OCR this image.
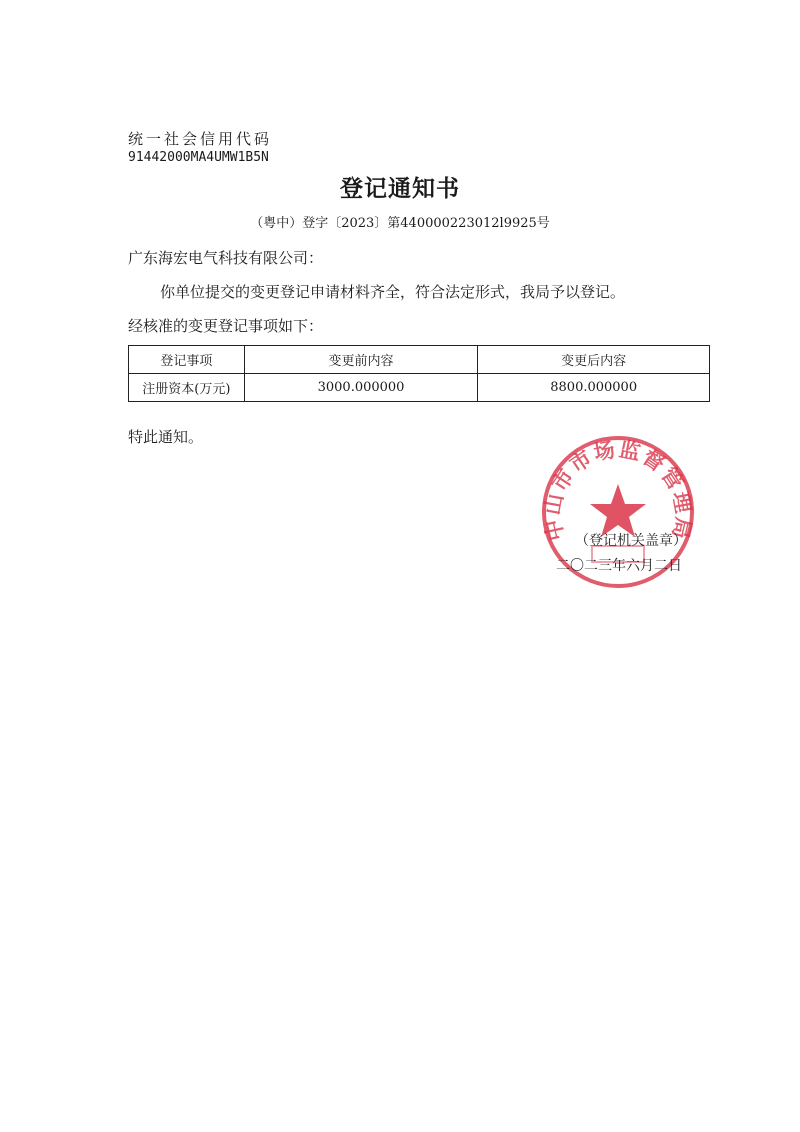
统一社会信用代码
91442000MA4UMW1B5N
登记通知书
（粤中）登字〔2023〕第440000223012l9925号
广东海宏电气科技有限公司：
你单位提交的变更登记申请材料齐全，符合法定形式，我局予以登记。
经核准的变更登记事项如下：
登记事项	变更前内容	变更后内容
注册资本(万元)	3000.000000	8800.000000
特此通知。
中山市市场监督管理局
（登记机关盖章）
二〇二三年六月二日
